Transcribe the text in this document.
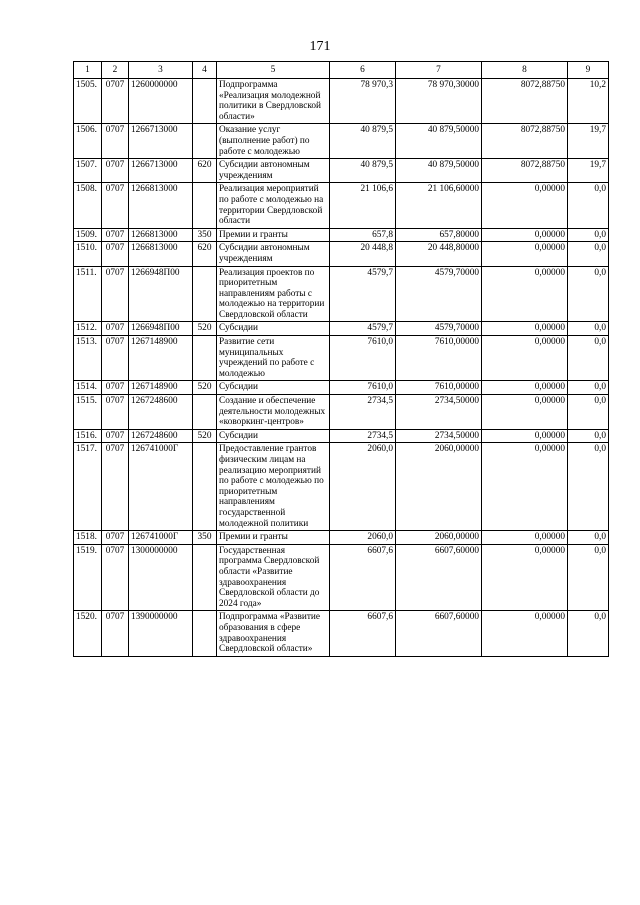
171
1	2	3	4	5	6	7	8	9
1505.	0707	1260000000		Подпрограмма «Реализация молодежной политики в Свердловской области»	78 970,3	78 970,30000	8072,88750	10,2
1506.	0707	1266713000		Оказание услуг (выполнение работ) по работе с молодежью	40 879,5	40 879,50000	8072,88750	19,7
1507.	0707	1266713000	620	Субсидии автономным учреждениям	40 879,5	40 879,50000	8072,88750	19,7
1508.	0707	1266813000		Реализация мероприятий по работе с молодежью на территории Свердловской области	21 106,6	21 106,60000	0,00000	0,0
1509.	0707	1266813000	350	Премии и гранты	657,8	657,80000	0,00000	0,0
1510.	0707	1266813000	620	Субсидии автономным учреждениям	20 448,8	20 448,80000	0,00000	0,0
1511.	0707	1266948П00		Реализация проектов по приоритетным направлениям работы с молодежью на территории Свердловской области	4579,7	4579,70000	0,00000	0,0
1512.	0707	1266948П00	520	Субсидии	4579,7	4579,70000	0,00000	0,0
1513.	0707	1267148900		Развитие сети муниципальных учреждений по работе с молодежью	7610,0	7610,00000	0,00000	0,0
1514.	0707	1267148900	520	Субсидии	7610,0	7610,00000	0,00000	0,0
1515.	0707	1267248600		Создание и обеспечение деятельности молодежных «коворкинг-центров»	2734,5	2734,50000	0,00000	0,0
1516.	0707	1267248600	520	Субсидии	2734,5	2734,50000	0,00000	0,0
1517.	0707	126741000Г		Предоставление грантов физическим лицам на реализацию мероприятий по работе с молодежью по приоритетным направлениям государственной молодежной политики	2060,0	2060,00000	0,00000	0,0
1518.	0707	126741000Г	350	Премии и гранты	2060,0	2060,00000	0,00000	0,0
1519.	0707	1300000000		Государственная программа Свердловской области «Развитие здравоохранения Свердловской области до 2024 года»	6607,6	6607,60000	0,00000	0,0
1520.	0707	1390000000		Подпрограмма «Развитие образования в сфере здравоохранения Свердловской области»	6607,6	6607,60000	0,00000	0,0
